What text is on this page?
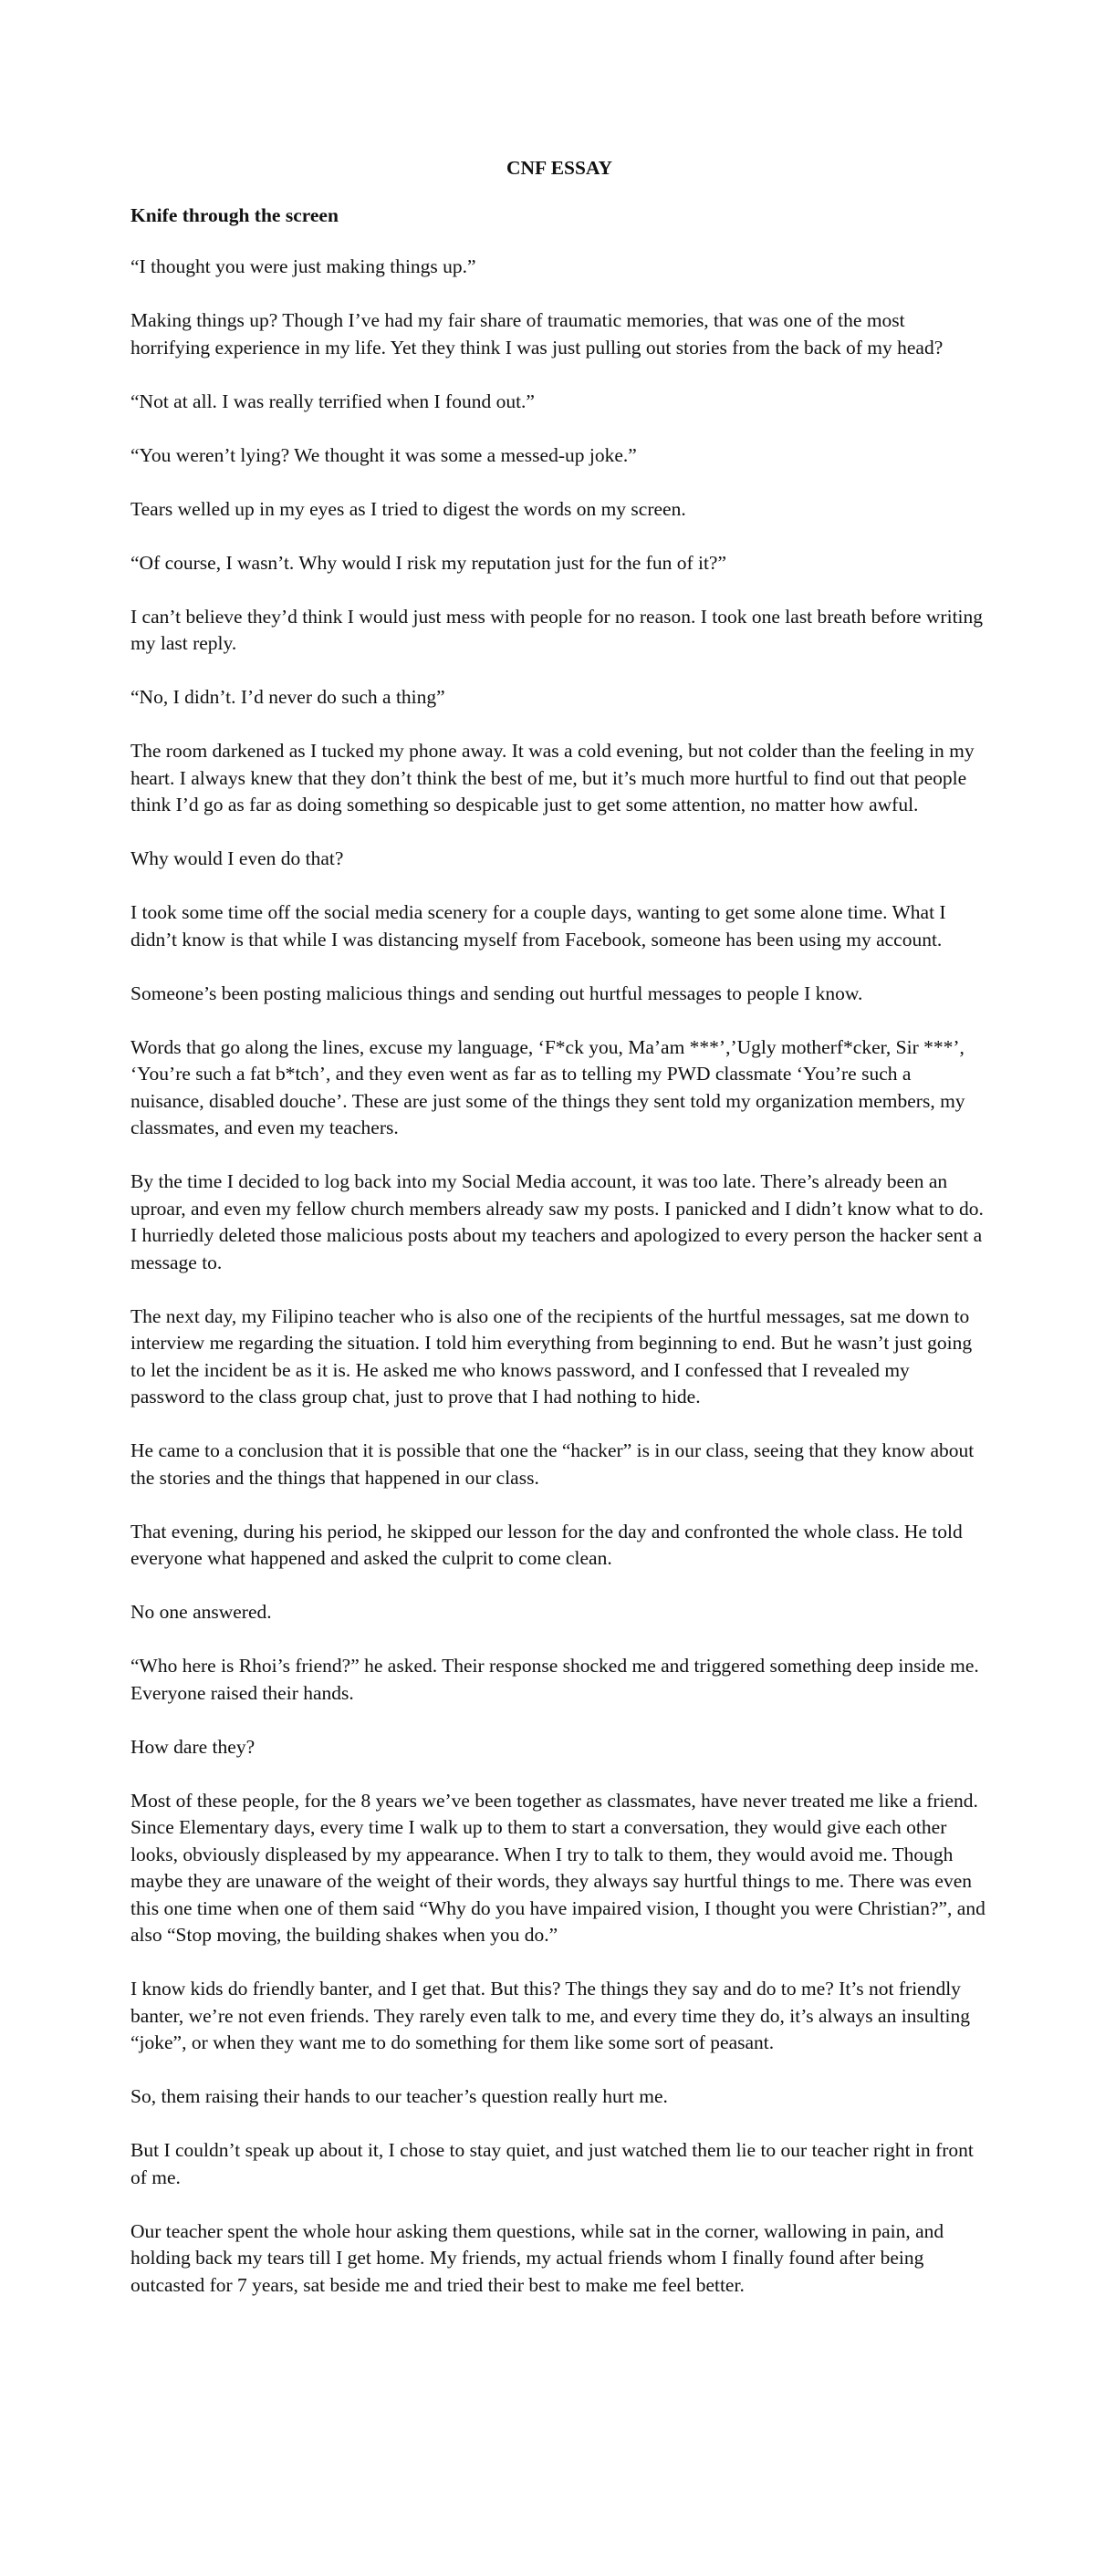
CNF ESSAY
Knife through the screen

“I thought you were just making things up.”

Making things up? Though I’ve had my fair share of traumatic memories, that was one of the most horrifying experience in my life. Yet they think I was just pulling out stories from the back of my head?

“Not at all. I was really terrified when I found out.”

“You weren’t lying? We thought it was some a messed-up joke.”

Tears welled up in my eyes as I tried to digest the words on my screen.

“Of course, I wasn’t. Why would I risk my reputation just for the fun of it?”

I can’t believe they’d think I would just mess with people for no reason. I took one last breath before writing my last reply.

“No, I didn’t. I’d never do such a thing”

The room darkened as I tucked my phone away. It was a cold evening, but not colder than the feeling in my heart. I always knew that they don’t think the best of me, but it’s much more hurtful to find out that people think I’d go as far as doing something so despicable just to get some attention, no matter how awful.

Why would I even do that?

I took some time off the social media scenery for a couple days, wanting to get some alone time. What I didn’t know is that while I was distancing myself from Facebook, someone has been using my account.

Someone’s been posting malicious things and sending out hurtful messages to people I know.

Words that go along the lines, excuse my language, ‘F*ck you, Ma’am ***’,’Ugly motherf*cker, Sir ***’, ‘You’re such a fat b*tch’, and they even went as far as to telling my PWD classmate ‘You’re such a nuisance, disabled douche’. These are just some of the things they sent told my organization members, my classmates, and even my teachers.

By the time I decided to log back into my Social Media account, it was too late. There’s already been an uproar, and even my fellow church members already saw my posts. I panicked and I didn’t know what to do. I hurriedly deleted those malicious posts about my teachers and apologized to every person the hacker sent a message to.

The next day, my Filipino teacher who is also one of the recipients of the hurtful messages, sat me down to interview me regarding the situation. I told him everything from beginning to end. But he wasn’t just going to let the incident be as it is. He asked me who knows password, and I confessed that I revealed my password to the class group chat, just to prove that I had nothing to hide.

He came to a conclusion that it is possible that one the “hacker” is in our class, seeing that they know about the stories and the things that happened in our class.

That evening, during his period, he skipped our lesson for the day and confronted the whole class. He told everyone what happened and asked the culprit to come clean.

No one answered.

“Who here is Rhoi’s friend?” he asked. Their response shocked me and triggered something deep inside me. Everyone raised their hands.

How dare they?

Most of these people, for the 8 years we’ve been together as classmates, have never treated me like a friend. Since Elementary days, every time I walk up to them to start a conversation, they would give each other looks, obviously displeased by my appearance. When I try to talk to them, they would avoid me. Though maybe they are unaware of the weight of their words, they always say hurtful things to me. There was even this one time when one of them said “Why do you have impaired vision, I thought you were Christian?”, and also “Stop moving, the building shakes when you do.”

I know kids do friendly banter, and I get that. But this? The things they say and do to me? It’s not friendly banter, we’re not even friends. They rarely even talk to me, and every time they do, it’s always an insulting “joke”, or when they want me to do something for them like some sort of peasant.

So, them raising their hands to our teacher’s question really hurt me.

But I couldn’t speak up about it, I chose to stay quiet, and just watched them lie to our teacher right in front of me.

Our teacher spent the whole hour asking them questions, while sat in the corner, wallowing in pain, and holding back my tears till I get home. My friends, my actual friends whom I finally found after being outcasted for 7 years, sat beside me and tried their best to make me feel better.
